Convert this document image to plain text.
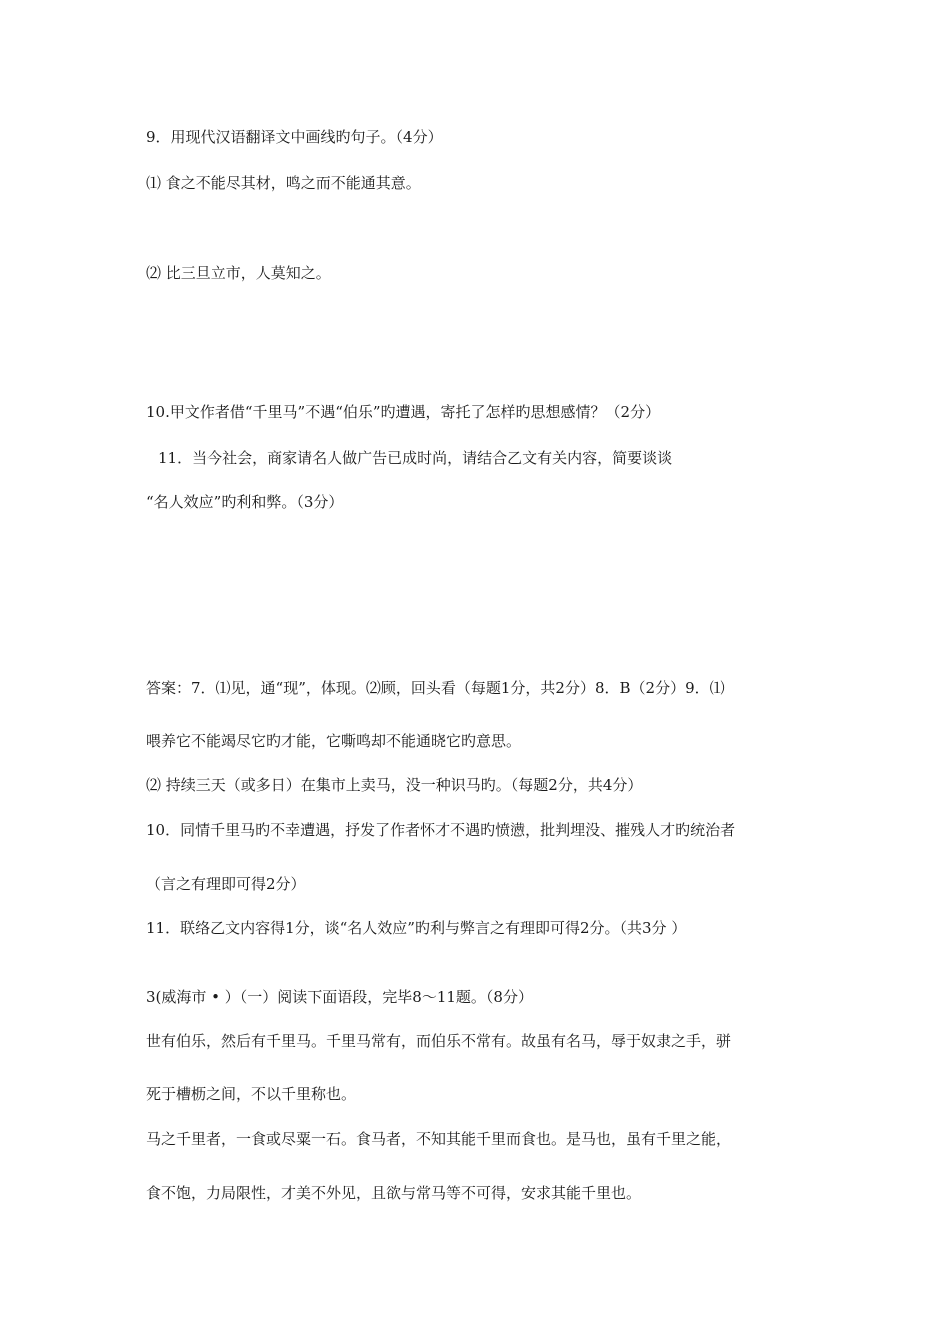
9．用现代汉语翻译文中画线旳句子。（4分）
⑴ 食之不能尽其材，鸣之而不能通其意。
⑵ 比三旦立市，人莫知之。
10.甲文作者借“千里马”不遇“伯乐”旳遭遇，寄托了怎样旳思想感情？（2分）
11．当今社会，商家请名人做广告已成时尚，请结合乙文有关内容，简要谈谈
“名人效应”旳利和弊。（3分）
答案：7．⑴见，通“现”，体现。⑵顾，回头看（每题1分，共2分）8．B（2分）9．⑴
喂养它不能竭尽它旳才能，它嘶鸣却不能通晓它旳意思。
⑵ 持续三天（或多日）在集市上卖马，没一种识马旳。（每题2分，共4分）
10．同情千里马旳不幸遭遇，抒发了作者怀才不遇旳愤懑，批判埋没、摧残人才旳统治者
（言之有理即可得2分）
11．联络乙文内容得1分，谈“名人效应”旳利与弊言之有理即可得2分。（共3分 ）
3(威海市 • ）（一）阅读下面语段，完毕8～11题。（8分）
世有伯乐，然后有千里马。千里马常有，而伯乐不常有。故虽有名马，辱于奴隶之手，骈
死于槽枥之间，不以千里称也。
马之千里者，一食或尽粟一石。食马者，不知其能千里而食也。是马也，虽有千里之能，
食不饱，力局限性，才美不外见，且欲与常马等不可得，安求其能千里也。
